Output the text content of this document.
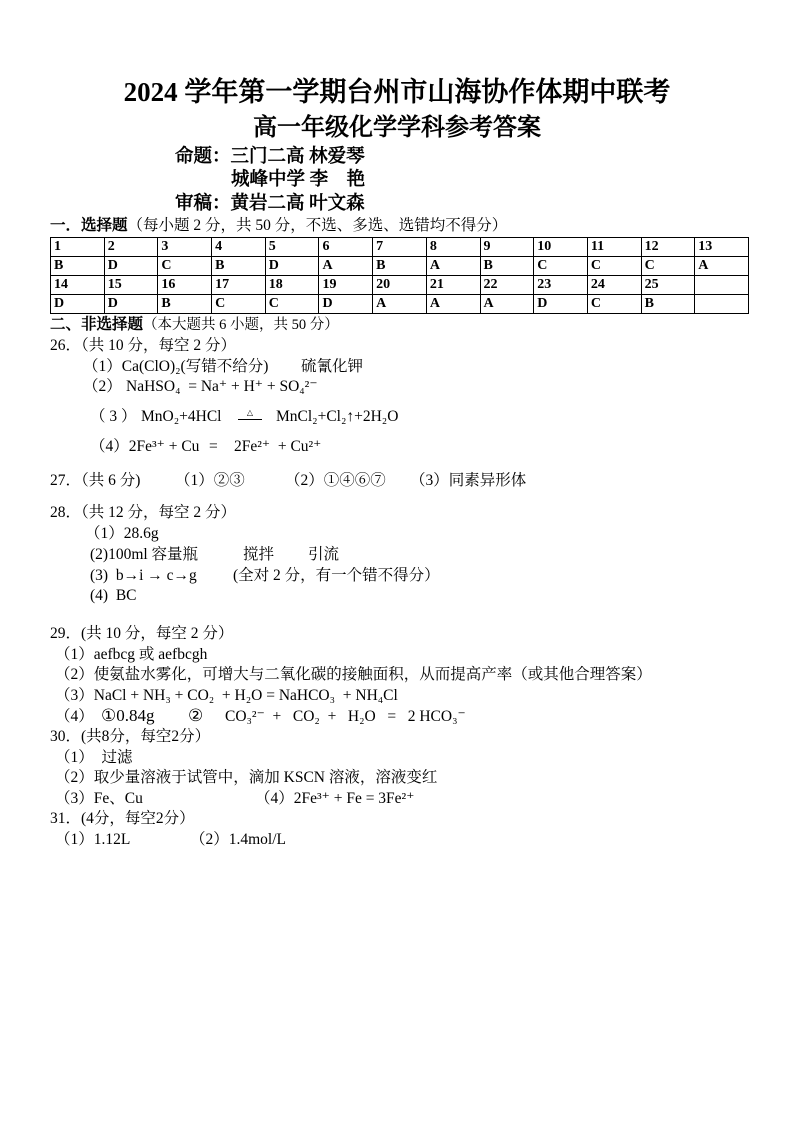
2024 学年第一学期台州市山海协作体期中联考
高一年级化学学科参考答案
命题：三门二高 林爱琴
城峰中学 李　艳
审稿：黄岩二高 叶文森
一．选择题（每小题 2 分，共 50 分，不选、多选、选错均不得分）
1	2	3	4	5	6	7	8	9	10	11	12	13
B	D	C	B	D	A	B	A	B	C	C	C	A
14	15	16	17	18	19	20	21	22	23	24	25	
D	D	B	C	C	D	A	A	A	D	C	B	
二、非选择题（本大题共 6 小题，共 50 分）
26．（共 10 分，每空 2 分）
（1）Ca(ClO)₂(写错不给分) 硫氰化钾
（2） NaHSO₄  = Na⁺ + H⁺ + SO₄²⁻
（ 3 ） MnO₂+4HCl	△	MnCl₂+Cl₂↑+2H₂O
（4）2Fe³⁺ + Cu = 2Fe²⁺  + Cu²⁺
27．（共 6 分) （1）②③	（2）①④⑥⑦ （3）同素异形体
28．（共 12 分，每空 2 分）
（1）28.6g
(2)100ml 容量瓶	搅拌 引流
(3)  b→i → c→g (全对 2 分，有一个错不得分）
(4)  BC
29．(共 10 分，每空 2 分）
（1）aefbcg 或 aefbcgh
（2）使氨盐水雾化，可增大与二氧化碳的接触面积，从而提高产率（或其他合理答案）
（3）NaCl + NH₃ + CO₂  + H₂O = NaHCO₃  + NH₄Cl
（4） ①0.84g ② CO₃²⁻  +   CO₂  +   H₂O   =   2 HCO₃⁻
30．(共8分，每空2分）
（1）  过滤
（2）取少量溶液于试管中，滴加 KSCN 溶液，溶液变红
（3）Fe、Cu	（4）2Fe³⁺ + Fe = 3Fe²⁺
31．(4分，每空2分）
（1）1.12L	（2）1.4mol/L
